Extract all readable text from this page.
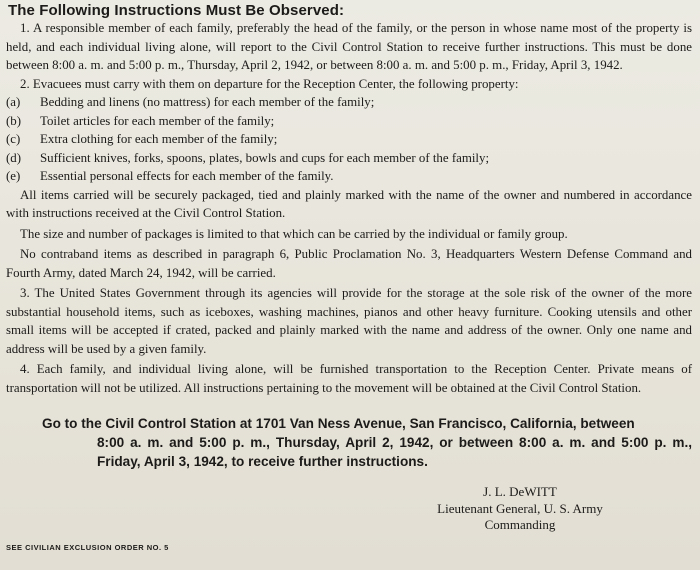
The Following Instructions Must Be Observed:

1. A responsible member of each family, preferably the head of the family, or the person in whose name most of the property is held, and each individual living alone, will report to the Civil Control Station to receive further instructions. This must be done between 8:00 a. m. and 5:00 p. m., Thursday, April 2, 1942, or between 8:00 a. m. and 5:00 p. m., Friday, April 3, 1942.

2. Evacuees must carry with them on departure for the Reception Center, the following property:

(a)	Bedding and linens (no mattress) for each member of the family;
(b)	Toilet articles for each member of the family;
(c)	Extra clothing for each member of the family;
(d)	Sufficient knives, forks, spoons, plates, bowls and cups for each member of the family;
(e)	Essential personal effects for each member of the family.

All items carried will be securely packaged, tied and plainly marked with the name of the owner and numbered in accordance with instructions received at the Civil Control Station.

The size and number of packages is limited to that which can be carried by the individual or family group.

No contraband items as described in paragraph 6, Public Proclamation No. 3, Headquarters Western Defense Command and Fourth Army, dated March 24, 1942, will be carried.

3. The United States Government through its agencies will provide for the storage at the sole risk of the owner of the more substantial household items, such as iceboxes, washing machines, pianos and other heavy furniture. Cooking utensils and other small items will be accepted if crated, packed and plainly marked with the name and address of the owner. Only one name and address will be used by a given family.

4. Each family, and individual living alone, will be furnished transportation to the Reception Center. Private means of transportation will not be utilized. All instructions pertaining to the movement will be obtained at the Civil Control Station.

Go to the Civil Control Station at 1701 Van Ness Avenue, San Francisco, California, between
8:00 a. m. and 5:00 p. m., Thursday, April 2, 1942, or between 8:00 a. m. and 5:00 p. m., Friday, April 3, 1942, to receive further instructions.
J. L. DeWITT
Lieutenant General, U. S. Army
Commanding
SEE CIVILIAN EXCLUSION ORDER NO. 5
